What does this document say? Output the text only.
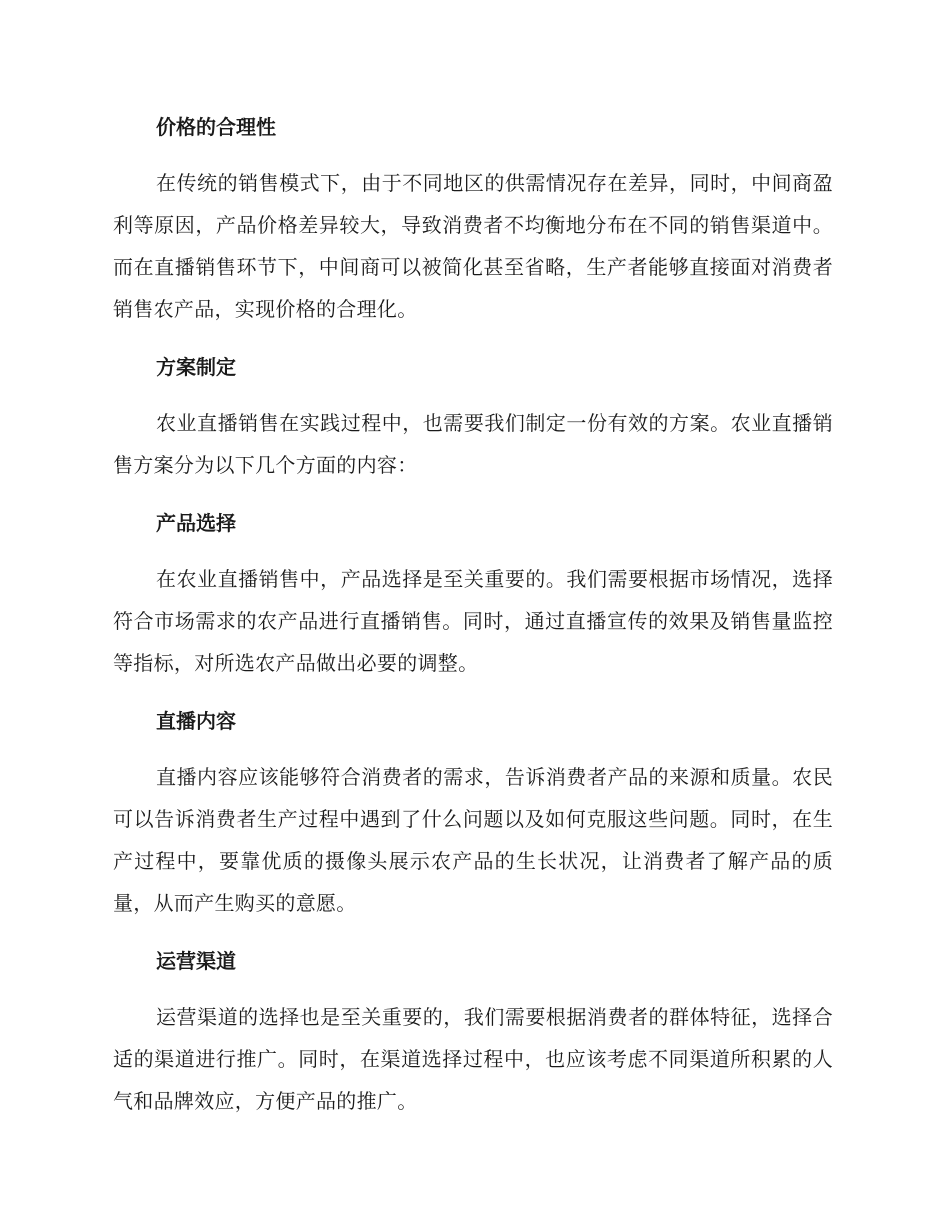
价格的合理性
在传统的销售模式下，由于不同地区的供需情况存在差异，同时，中间商盈利等原因，产品价格差异较大，导致消费者不均衡地分布在不同的销售渠道中。而在直播销售环节下，中间商可以被简化甚至省略，生产者能够直接面对消费者销售农产品，实现价格的合理化。
方案制定
农业直播销售在实践过程中，也需要我们制定一份有效的方案。农业直播销售方案分为以下几个方面的内容：
产品选择
在农业直播销售中，产品选择是至关重要的。我们需要根据市场情况，选择符合市场需求的农产品进行直播销售。同时，通过直播宣传的效果及销售量监控等指标，对所选农产品做出必要的调整。
直播内容
直播内容应该能够符合消费者的需求，告诉消费者产品的来源和质量。农民可以告诉消费者生产过程中遇到了什么问题以及如何克服这些问题。同时，在生产过程中，要靠优质的摄像头展示农产品的生长状况，让消费者了解产品的质量，从而产生购买的意愿。
运营渠道
运营渠道的选择也是至关重要的，我们需要根据消费者的群体特征，选择合适的渠道进行推广。同时，在渠道选择过程中，也应该考虑不同渠道所积累的人气和品牌效应，方便产品的推广。
